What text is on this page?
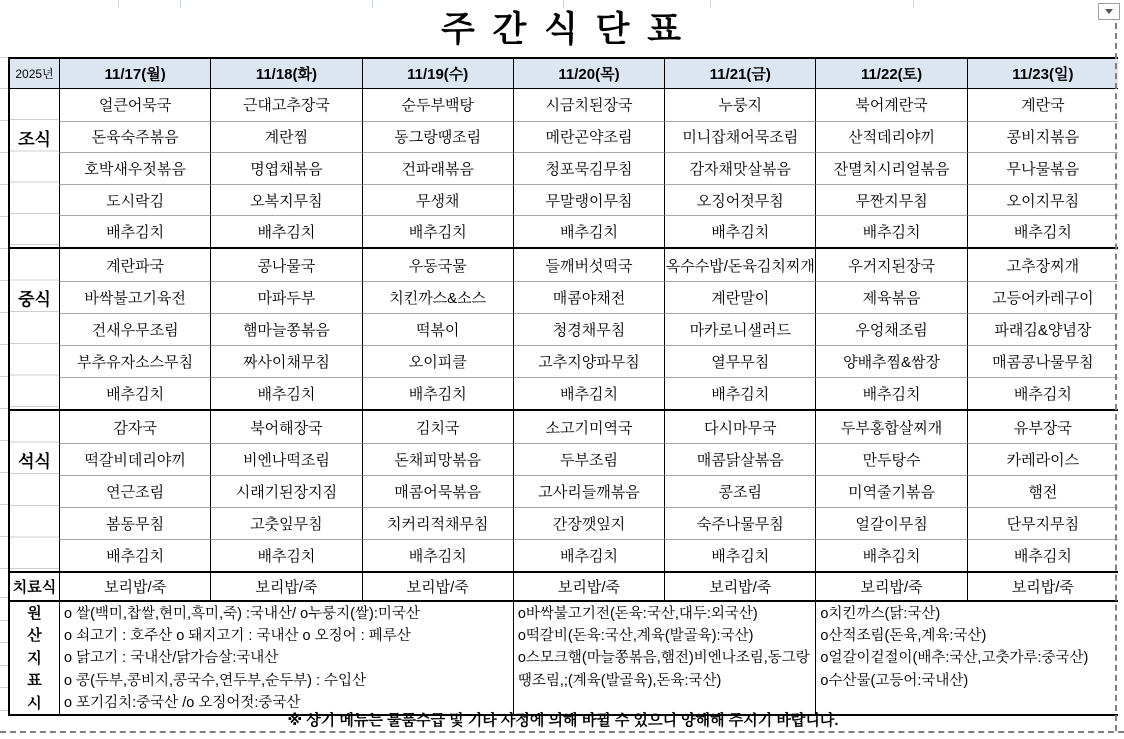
주 간 식 단 표
2025년	11/17(월)	11/18(화)	11/19(수)	11/20(목)	11/21(금)	11/22(토)	11/23(일)
조식
얼큰어묵국	근대고추장국	순두부백탕	시금치된장국	누룽지	북어계란국	계란국
돈육숙주볶음	계란찜	동그랑땡조림	메란곤약조림	미니잡채어묵조림	산적데리야끼	콩비지볶음
호박새우젓볶음	명엽채볶음	건파래볶음	청포묵김무침	감자채맛살볶음	잔멸치시리얼볶음	무나물볶음
도시락김	오복지무침	무생채	무말랭이무침	오징어젓무침	무짠지무침	오이지무침
배추김치	배추김치	배추김치	배추김치	배추김치	배추김치	배추김치
중식
계란파국	콩나물국	우동국물	들깨버섯떡국	옥수수밥/돈육김치찌개	우거지된장국	고추장찌개
바싹불고기육전	마파두부	치킨까스&소스	매콤야채전	계란말이	제육볶음	고등어카레구이
건새우무조림	햄마늘쫑볶음	떡볶이	청경채무침	마카로니샐러드	우엉채조림	파래김&양념장
부추유자소스무침	짜사이채무침	오이피클	고추지양파무침	열무무침	양배추찜&쌈장	매콤콩나물무침
배추김치	배추김치	배추김치	배추김치	배추김치	배추김치	배추김치
석식
감자국	북어해장국	김치국	소고기미역국	다시마무국	두부홍합살찌개	유부장국
떡갈비데리야끼	비엔나떡조림	돈채피망볶음	두부조림	매콤닭살볶음	만두탕수	카레라이스
연근조림	시래기된장지짐	매콤어묵볶음	고사리들깨볶음	콩조림	미역줄기볶음	햄전
봄동무침	고춧잎무침	치커리적채무침	간장깻잎지	숙주나물무침	얼갈이무침	단무지무침
배추김치	배추김치	배추김치	배추김치	배추김치	배추김치	배추김치
치료식	보리밥/죽	보리밥/죽	보리밥/죽	보리밥/죽	보리밥/죽	보리밥/죽	보리밥/죽
원
산
지
표
시
o 쌀(백미,찹쌀,현미,흑미,죽) :국내산/ o누룽지(쌀):미국산
o 쇠고기 : 호주산 o 돼지고기 : 국내산 o 오징어 : 페루산
o 닭고기 : 국내산/닭가슴살:국내산
o 콩(두부,콩비지,콩국수,연두부,순두부) : 수입산
o 포기김치:중국산 /o 오징어젓:중국산
o바싹불고기전(돈육:국산,대두:외국산)
o떡갈비(돈육:국산,계육(발골육):국산)
o스모크햄(마늘쫑볶음,햄전)비엔나조림,동그랑땡조림,;(계육(발골육),돈육:국산)
o치킨까스(닭:국산)
o산적조림(돈육,계육:국산)
o얼갈이겉절이(배추:국산,고춧가루:중국산)
o수산물(고등어:국내산)
※ 상기 메뉴는 물품수급 및 기타 사정에 의해 바뀔 수 있으니 양해해 주시기 바랍니다.
